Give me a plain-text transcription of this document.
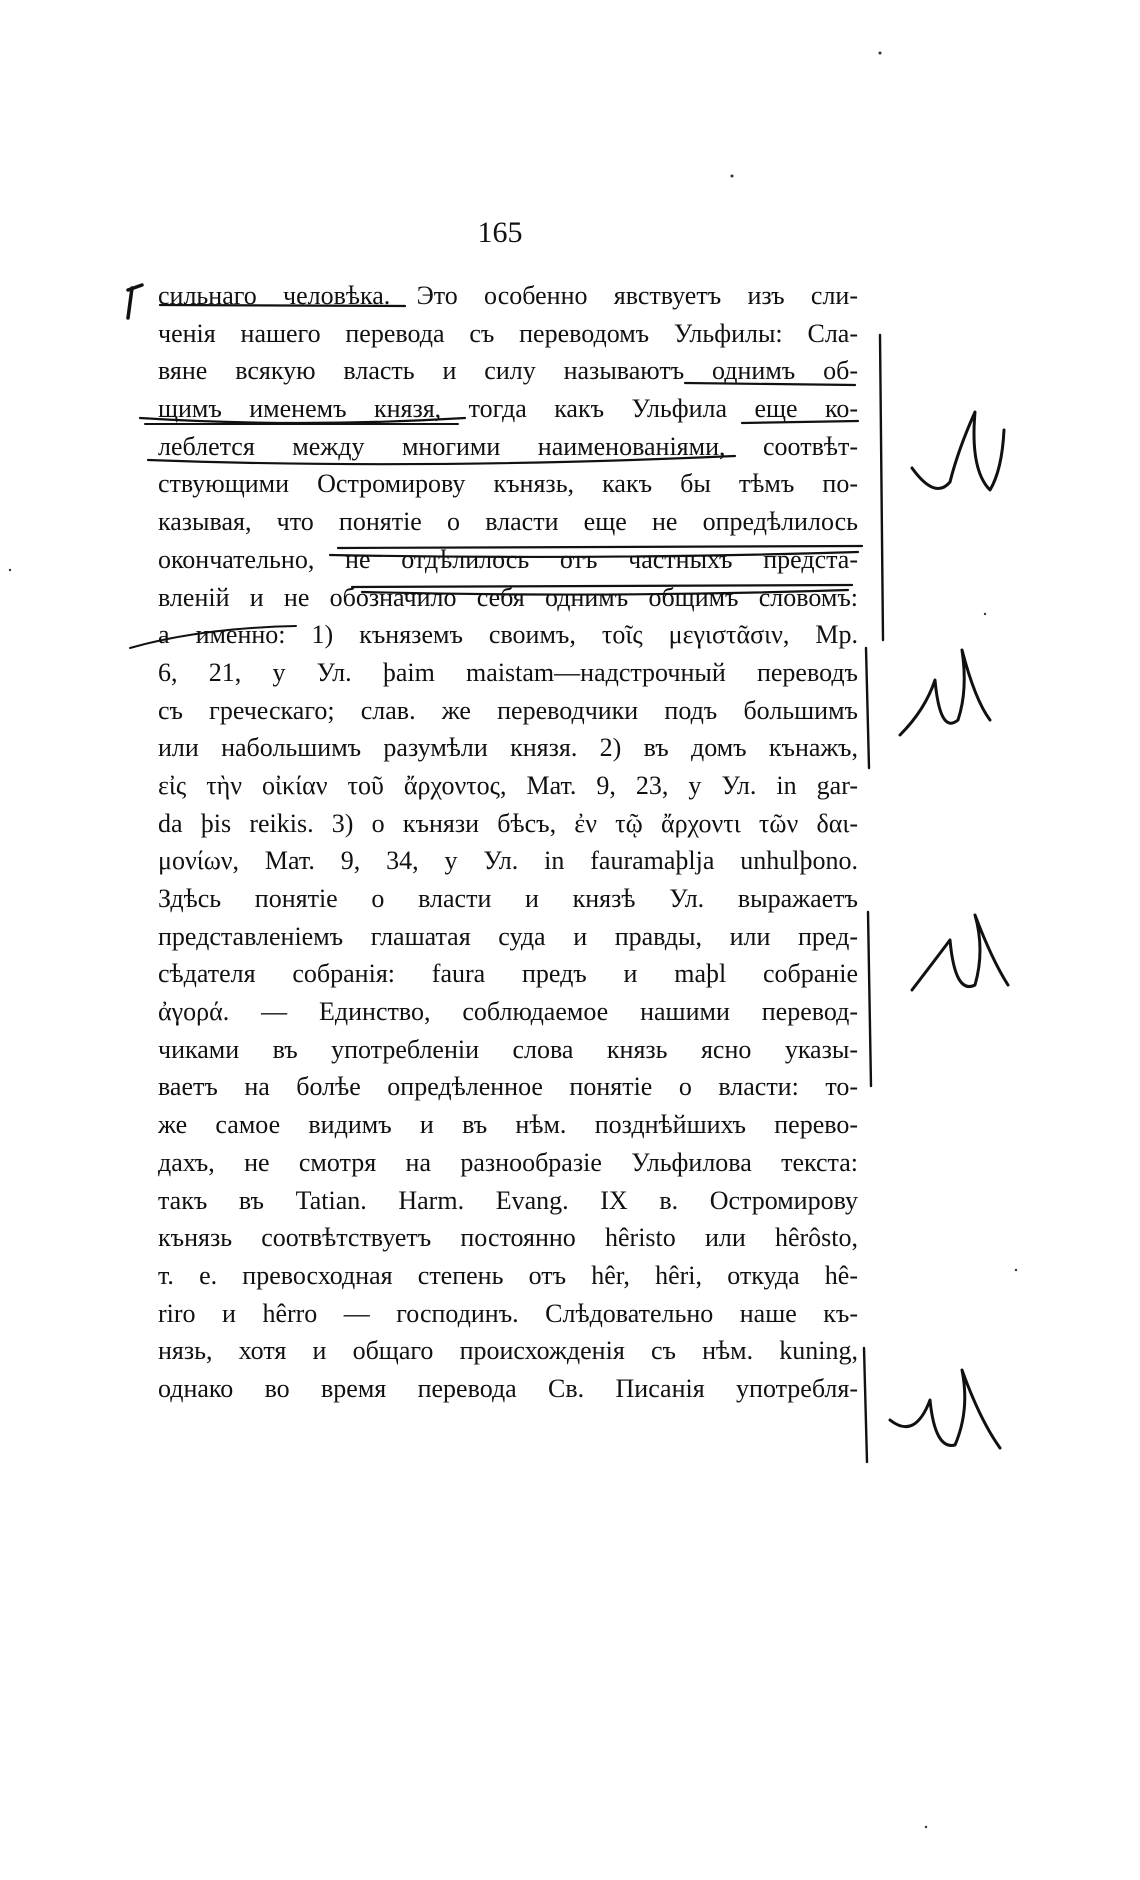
165
сильнаго человѣка. Это особенно явствуетъ изъ сли-
ченія нашего перевода съ переводомъ Ульфилы: Сла-
вяне всякую власть и силу называютъ однимъ об-
щимъ именемъ князя, тогда какъ Ульфила еще ко-
леблется между многими наименованіями, соотвѣт-
ствующими Остромирову кънязь, какъ бы тѣмъ по-
казывая, что понятіе о власти еще не опредѣлилось
окончательно, не отдѣлилось отъ частныхъ предста-
вленій и не обозначило себя однимъ общимъ словомъ:
а именно: 1) къняземъ своимъ, τοῖς μεγιστᾶσιν, Мр.
6, 21, у Ул. þaim maistam—надстрочный переводъ
съ греческаго; слав. же переводчики подъ большимъ
или набольшимъ разумѣли князя. 2) въ домъ кънажъ,
εἰς τὴν οἰκίαν τοῦ ἄρχοντος, Мат. 9, 23, у Ул. in gar-
da þis reikis. 3) о кънязи бѣсъ, ἐν τῷ ἄρχοντι τῶν δαι-
μονίων, Мат. 9, 34, у Ул. in fauramaþlja unhulþono.
Здѣсь понятіе о власти и князѣ Ул. выражаетъ
представленіемъ глашатая суда и правды, или пред-
сѣдателя собранія: faura предъ и maþl собраніе
ἀγορά. — Единство, соблюдаемое нашими перевод-
чиками въ употребленіи слова князь ясно указы-
ваетъ на болѣе опредѣленное понятіе о власти: то-
же самое видимъ и въ нѣм. позднѣйшихъ перево-
дахъ, не смотря на разнообразіе Ульфилова текста:
такъ въ Tatian. Harm. Evang. IX в. Остромирову
кънязь соотвѣтствуетъ постоянно hêristo или hêrôsto,
т. е. превосходная степень отъ hêr, hêri, откуда hê-
riro и hêrro — господинъ. Слѣдовательно наше къ-
нязь, хотя и общаго происхожденія съ нѣм. kuning,
однако во время перевода Св. Писанія употребля-
